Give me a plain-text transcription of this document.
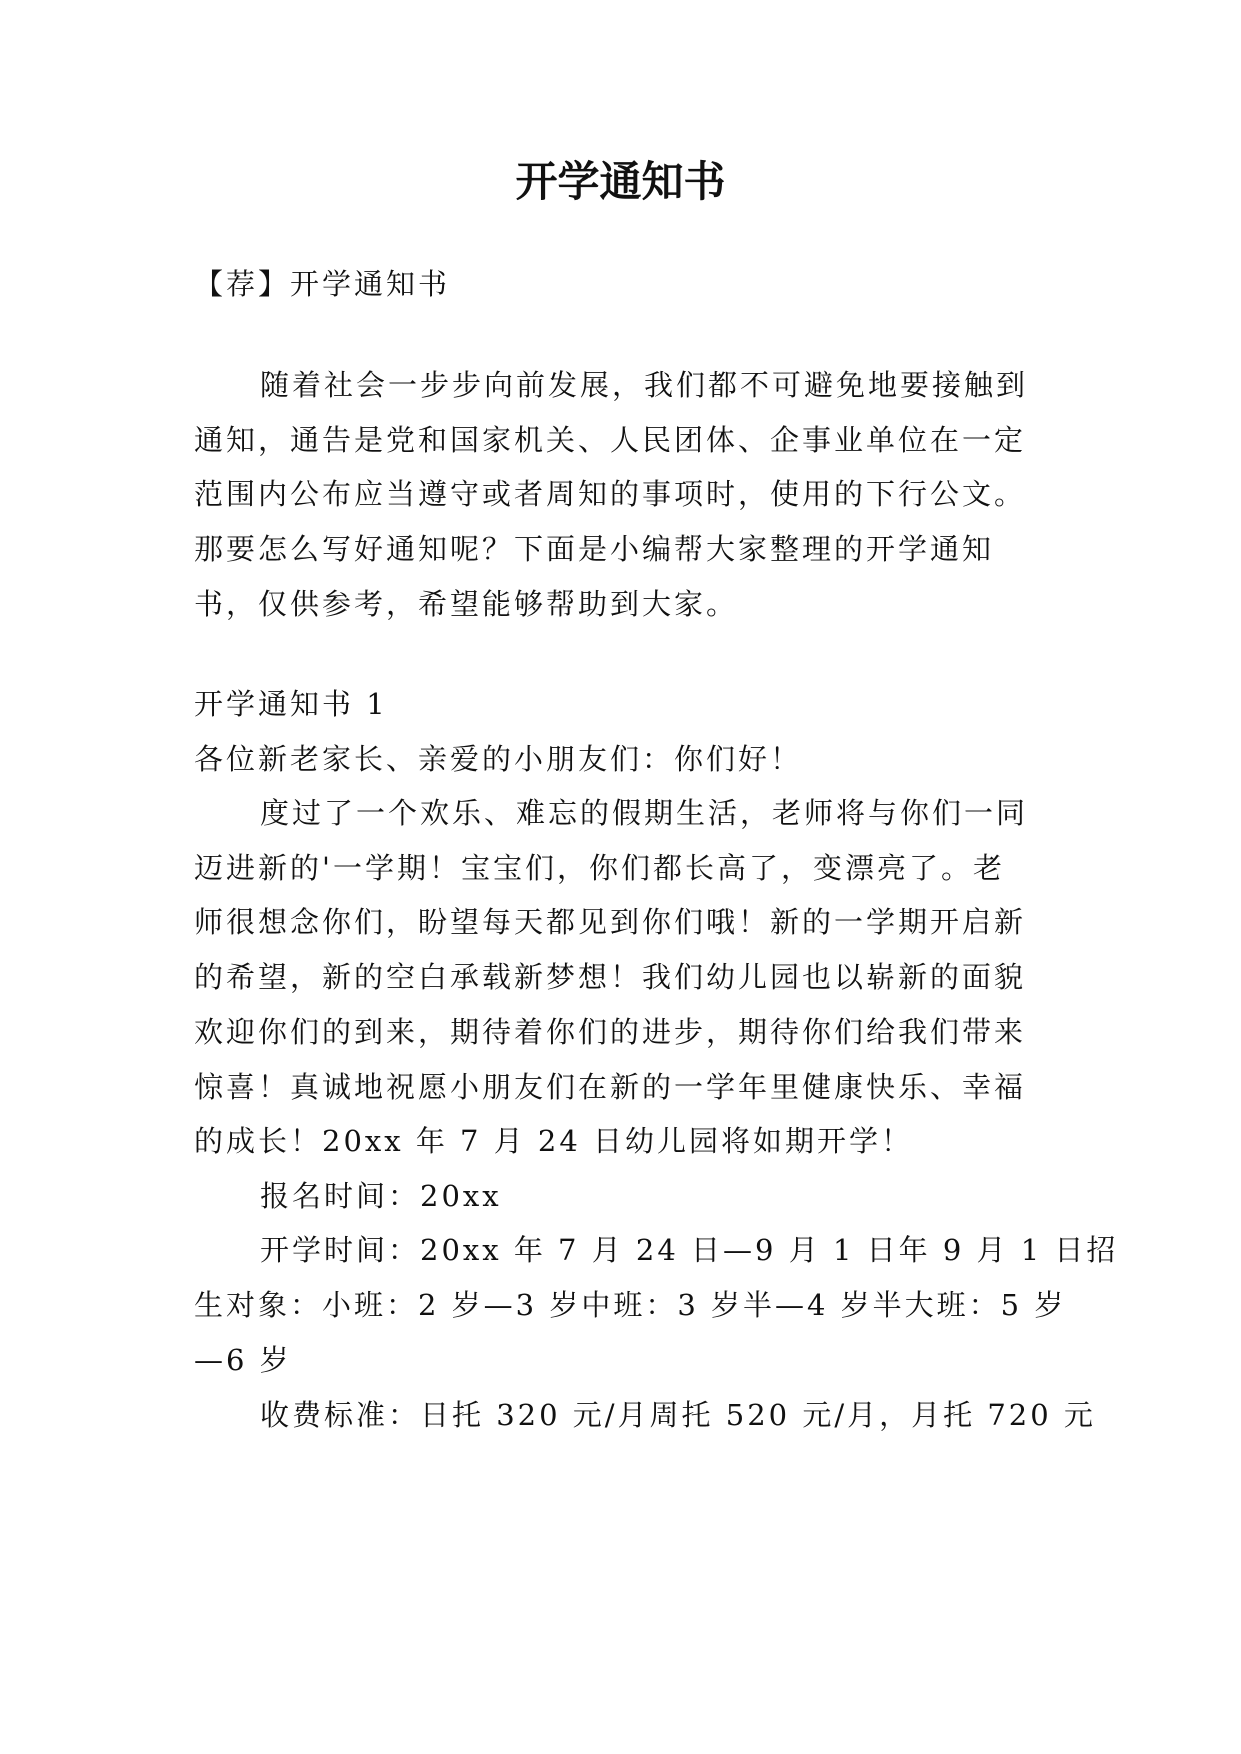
开学通知书

【荐】开学通知书

随着社会一步步向前发展，我们都不可避免地要接触到

通知，通告是党和国家机关、人民团体、企事业单位在一定

范围内公布应当遵守或者周知的事项时，使用的下行公文。

那要怎么写好通知呢？下面是小编帮大家整理的开学通知

书，仅供参考，希望能够帮助到大家。

开学通知书 1

各位新老家长、亲爱的小朋友们：你们好！

度过了一个欢乐、难忘的假期生活，老师将与你们一同

迈进新的'一学期！宝宝们，你们都长高了，变漂亮了。老

师很想念你们，盼望每天都见到你们哦！新的一学期开启新

的希望，新的空白承载新梦想！我们幼儿园也以崭新的面貌

欢迎你们的到来，期待着你们的进步，期待你们给我们带来

惊喜！真诚地祝愿小朋友们在新的一学年里健康快乐、幸福

的成长！20xx 年 7 月 24 日幼儿园将如期开学！

报名时间：20xx

开学时间：20xx 年 7 月 24 日—9 月 1 日年 9 月 1 日招

生对象：小班：2 岁—3 岁中班：3 岁半—4 岁半大班：5 岁

—6 岁

收费标准：日托 320 元/月周托 520 元/月，月托 720 元
